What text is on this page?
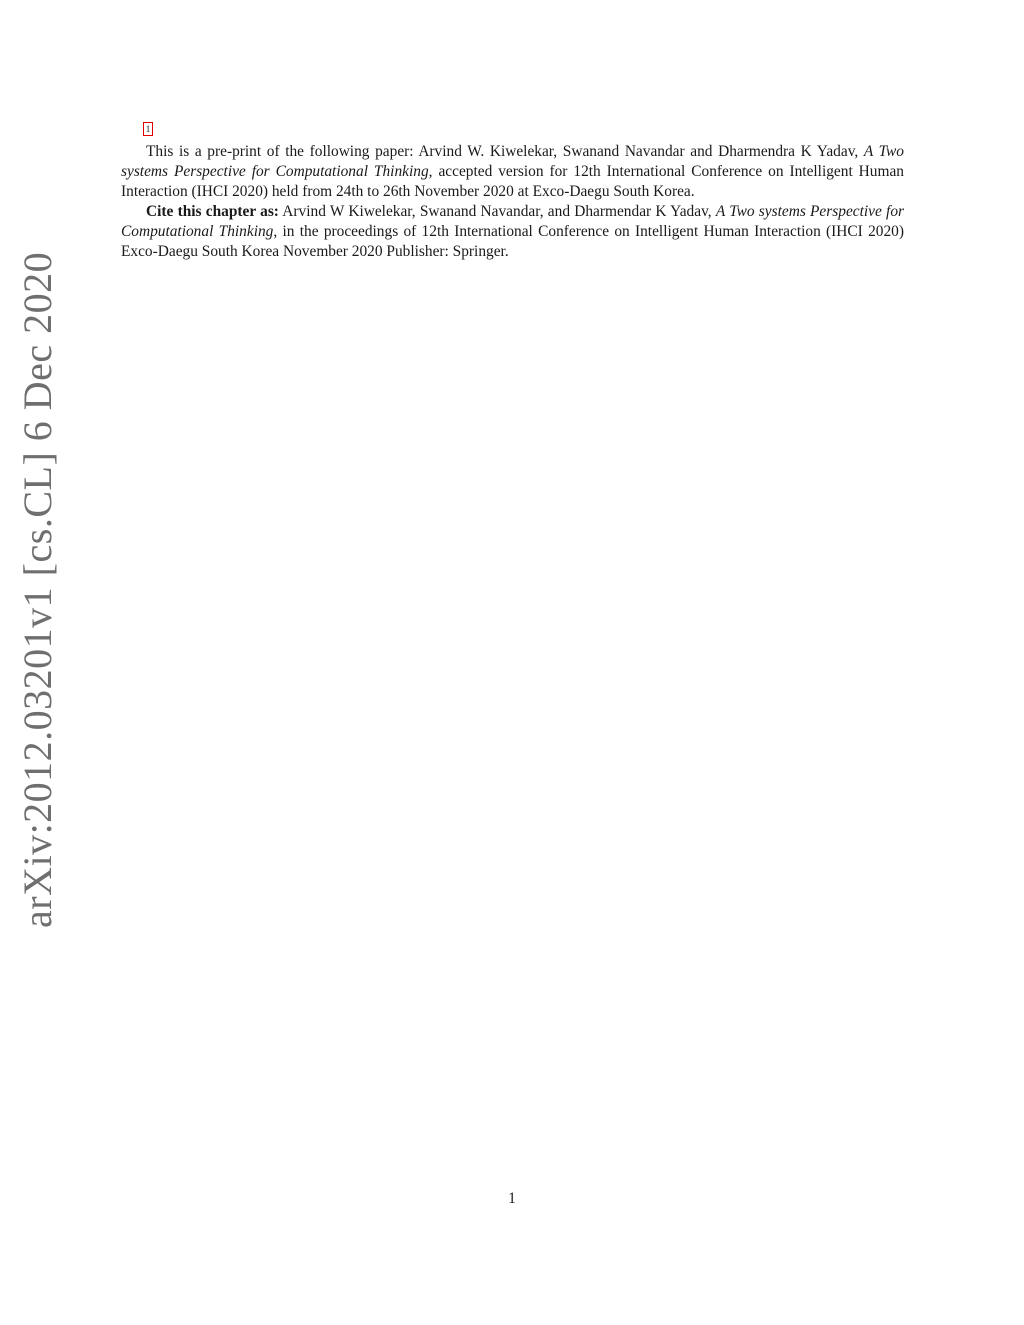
arXiv:2012.03201v1 [cs.CL] 6 Dec 2020
1

This is a pre-print of the following paper: Arvind W. Kiwelekar, Swanand Navandar and Dharmendra K Yadav, A Two systems Perspective for Computational Thinking, accepted version for 12th International Conference on Intelligent Human Interaction (IHCI 2020) held from 24th to 26th November 2020 at Exco-Daegu South Korea.

Cite this chapter as: Arvind W Kiwelekar, Swanand Navandar, and Dharmendar K Yadav, A Two systems Perspective for Computational Thinking, in the proceedings of 12th International Conference on Intelligent Human Interaction (IHCI 2020) Exco-Daegu South Korea November 2020 Publisher: Springer.

1
